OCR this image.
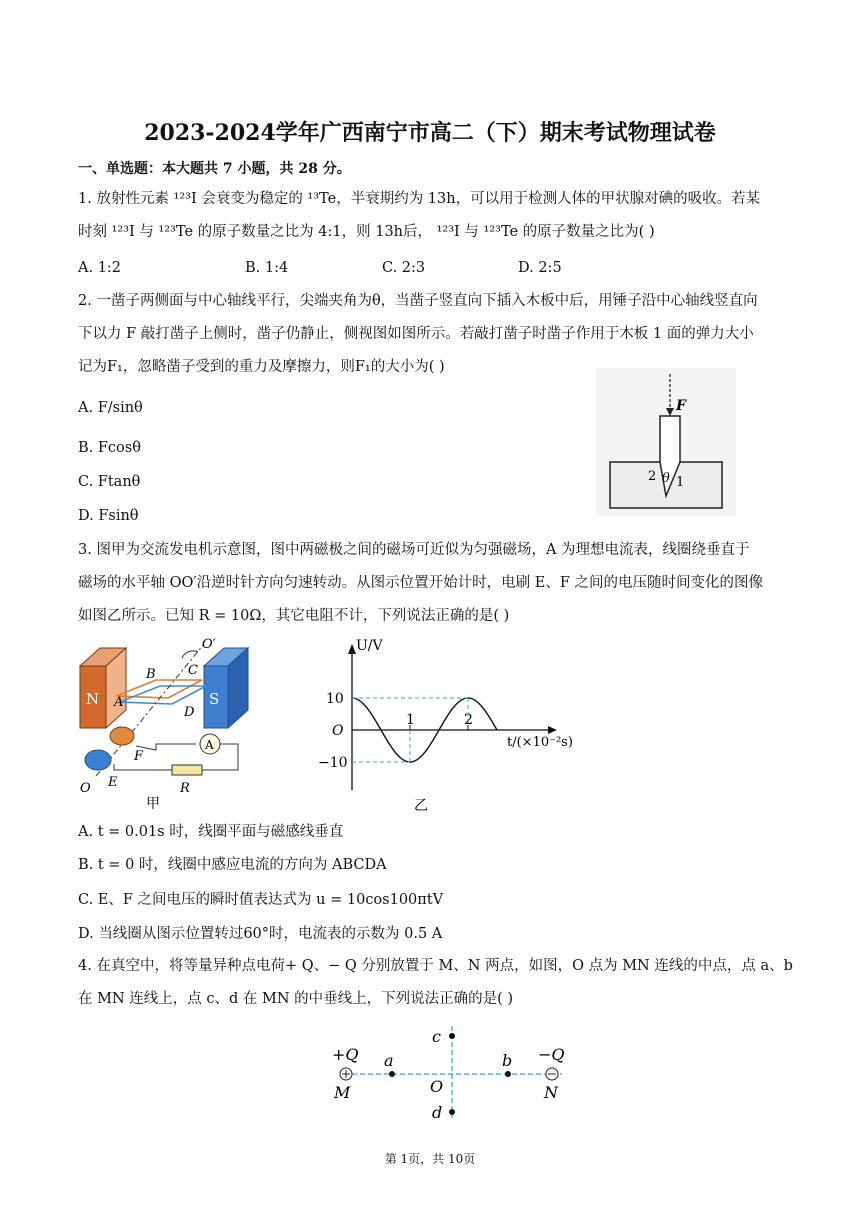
2023-2024学年广西南宁市高二（下）期末考试物理试卷
一、单选题：本大题共 7 小题，共 28 分。
1. 放射性元素 ¹²³I 会衰变为稳定的 ¹³Te，半衰期约为 13h，可以用于检测人体的甲状腺对碘的吸收。若某
时刻 ¹²³I 与 ¹²³Te 的原子数量之比为 4:1，则 13h后， ¹²³I 与 ¹²³Te 的原子数量之比为( )
A. 1:2	B. 1:4	C. 2:3	D. 2:5
2. 一凿子两侧面与中心轴线平行，尖端夹角为θ，当凿子竖直向下插入木板中后，用锤子沿中心轴线竖直向
下以力 F 敲打凿子上侧时，凿子仍静止，侧视图如图所示。若敲打凿子时凿子作用于木板 1 面的弹力大小
记为F₁，忽略凿子受到的重力及摩擦力，则F₁的大小为( )
A. F/sinθ
B. Fcosθ
C. Ftanθ
D. Fsinθ
F
θ
2 1
3. 图甲为交流发电机示意图，图中两磁极之间的磁场可近似为匀强磁场，A 为理想电流表，线圈绕垂直于
磁场的水平轴 OO′沿逆时针方向匀速转动。从图示位置开始计时，电刷 E、F 之间的电压随时间变化的图像
如图乙所示。已知 R = 10Ω，其它电阻不计，下列说法正确的是( )
N	S
A
B C
A
D
O′
O E
F
R
甲
U/V
t/(×10⁻²s)
O
10
−10
1	2
乙
A. t = 0.01s 时，线圈平面与磁感线垂直
B. t = 0 时，线圈中感应电流的方向为 ABCDA
C. E、F 之间电压的瞬时值表达式为 u = 10cos100πtV
D. 当线圈从图示位置转过60°时，电流表的示数为 0.5 A
4. 在真空中，将等量异种点电荷+ Q、− Q 分别放置于 M、N 两点，如图，O 点为 MN 连线的中点，点 a、b
在 MN 连线上，点 c、d 在 MN 的中垂线上，下列说法正确的是( )
+Q	−Q
M	N
a	b
c
d
O
第 1页，共 10页
